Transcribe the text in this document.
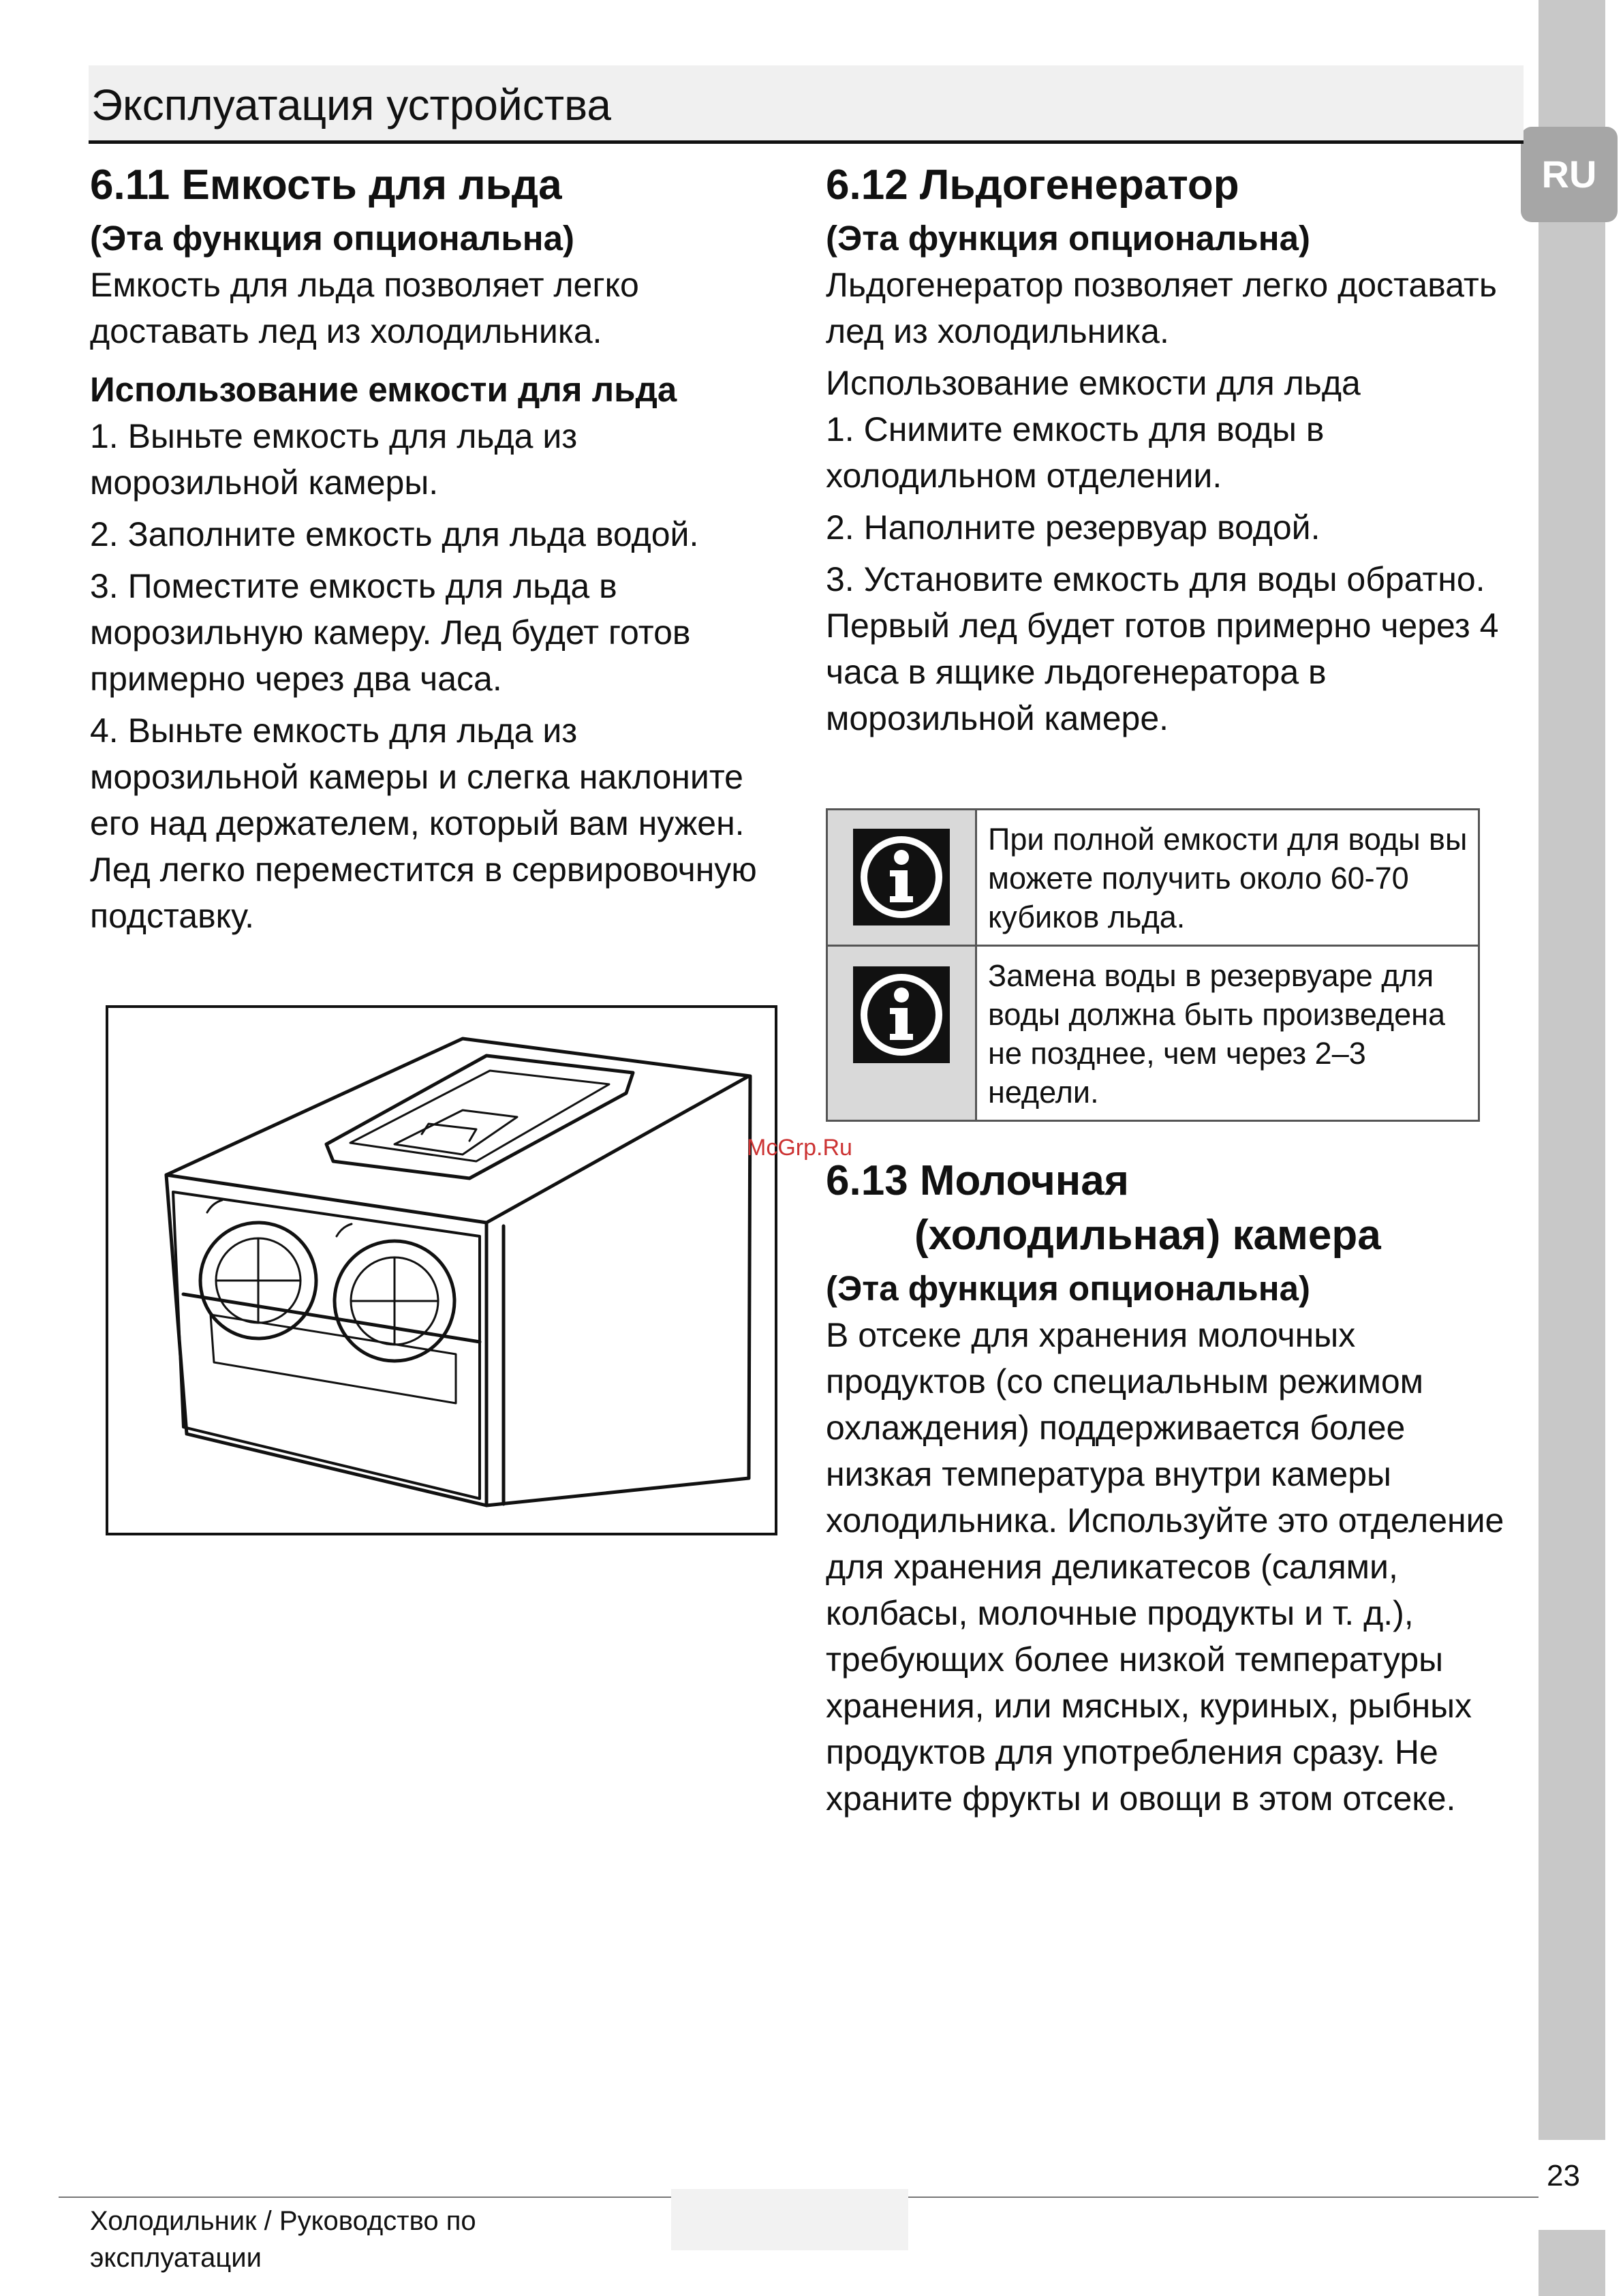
RU
Эксплуатация устройства
6.11 Емкость для льда
(Эта функция опциональна)
Емкость для льда позволяет легко доставать лед из холодильника.
Использование емкости для льда
1. Выньте емкость для льда из морозильной камеры.
2. Заполните емкость для льда водой.
3. Поместите емкость для льда в морозильную камеру. Лед будет готов примерно через два часа.
4. Выньте емкость для льда из морозильной камеры и слегка наклоните его над держателем, который вам нужен. Лед легко переместится в сервировочную подставку.
6.12 Льдогенератор
(Эта функция опциональна)
Льдогенератор позволяет легко доставать лед из холодильника.
Использование емкости для льда
1. Снимите емкость для воды в холодильном отделении.
2. Наполните резервуар водой.
3. Установите емкость для воды обратно. Первый лед будет готов примерно через 4 часа в ящике льдогенератора в морозильной камере.
	При полной емкости для воды вы можете получить около 60-70 кубиков льда.
	Замена воды в резервуаре для воды должна быть произведена не позднее, чем через 2–3 недели.
McGrp.Ru
6.13 Молочная
(холодильная) камера
(Эта функция опциональна)
В отсеке для хранения молочных продуктов (со специальным режимом охлаждения) поддерживается более низкая температура внутри камеры холодильника. Используйте это отделение для хранения деликатесов (салями, колбасы, молочные продукты и т. д.), требующих более низкой температуры хранения, или мясных, куриных, рыбных продуктов для употребления сразу. Не храните фрукты и овощи в этом отсеке.
23
Холодильник / Руководство по
эксплуатации
